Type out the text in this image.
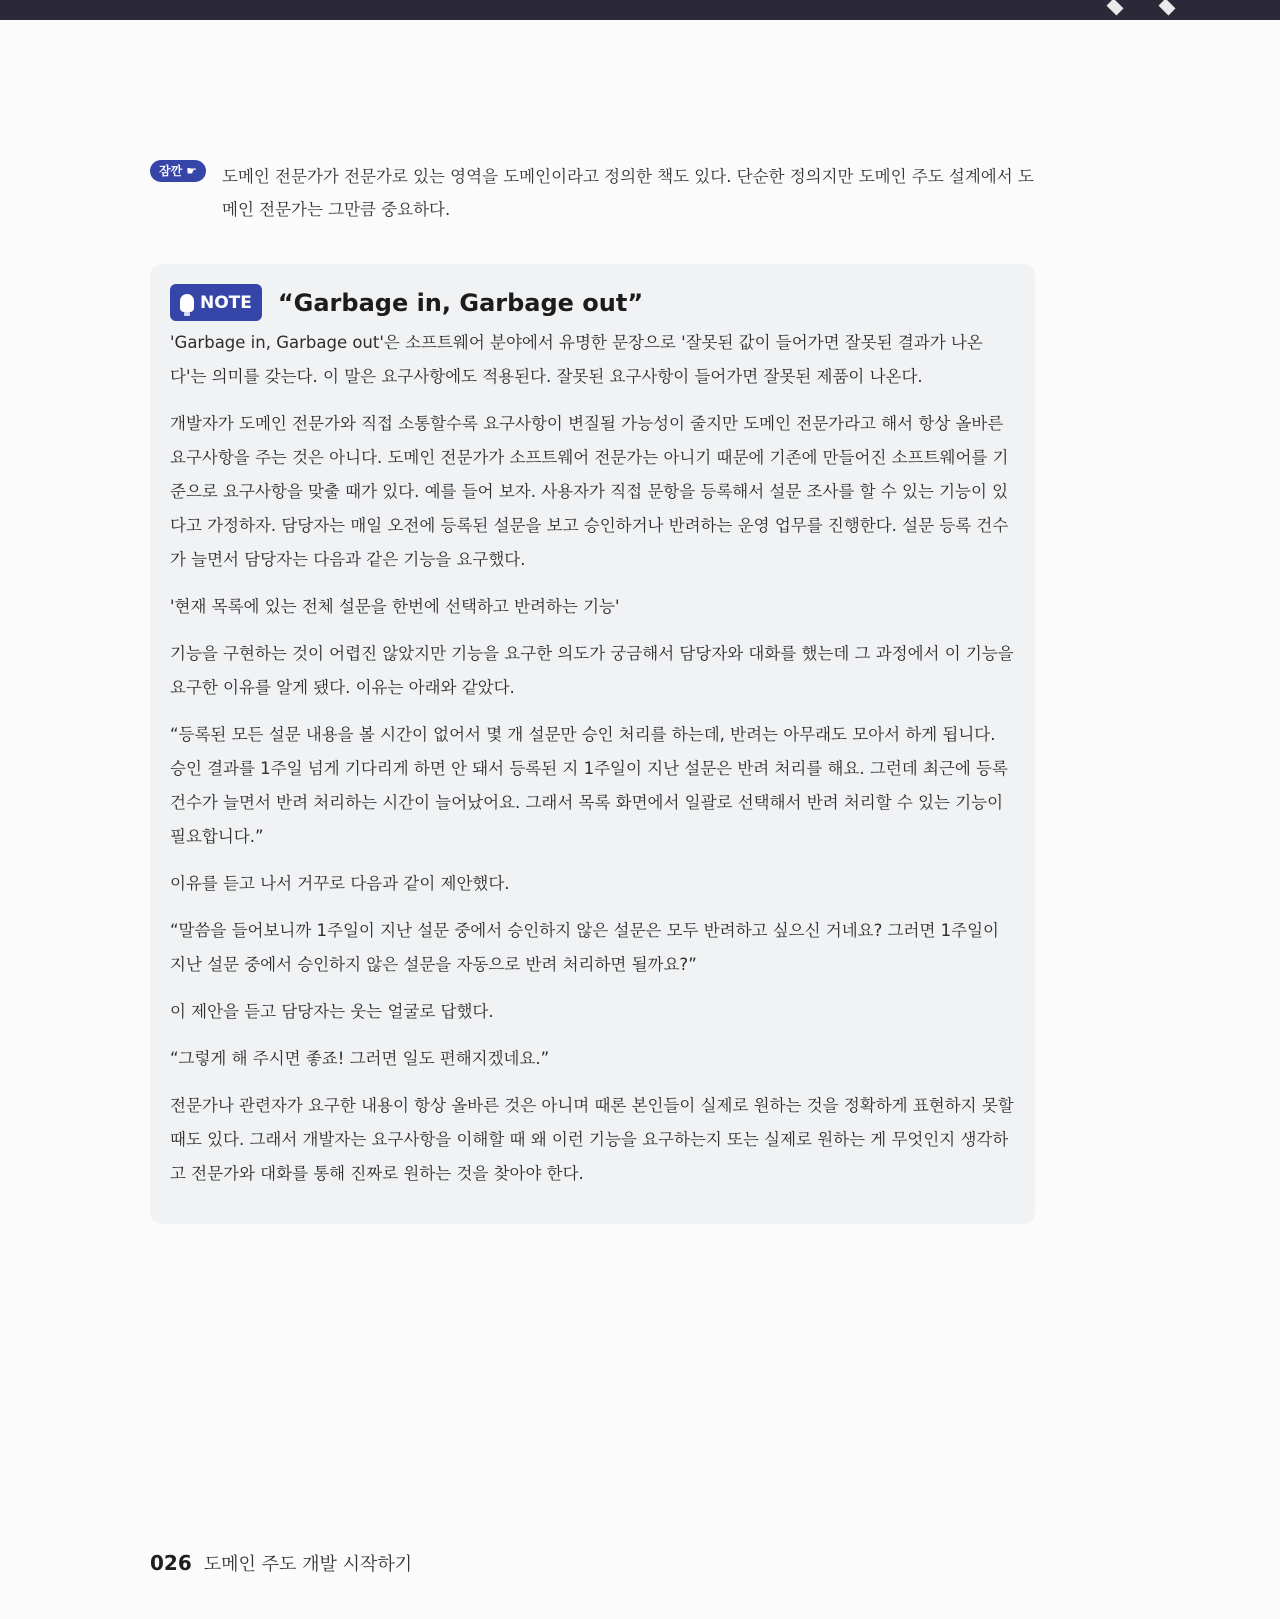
잠깐 ☛ 도메인 전문가가 전문가로 있는 영역을 도메인이라고 정의한 책도 있다. 단순한 정의지만 도메인 주도 설계에서 도메인 전문가는 그만큼 중요하다.
NOTE “Garbage in, Garbage out”

'Garbage in, Garbage out'은 소프트웨어 분야에서 유명한 문장으로 '잘못된 값이 들어가면 잘못된 결과가 나온다'는 의미를 갖는다. 이 말은 요구사항에도 적용된다. 잘못된 요구사항이 들어가면 잘못된 제품이 나온다.

개발자가 도메인 전문가와 직접 소통할수록 요구사항이 변질될 가능성이 줄지만 도메인 전문가라고 해서 항상 올바른 요구사항을 주는 것은 아니다. 도메인 전문가가 소프트웨어 전문가는 아니기 때문에 기존에 만들어진 소프트웨어를 기준으로 요구사항을 맞출 때가 있다. 예를 들어 보자. 사용자가 직접 문항을 등록해서 설문 조사를 할 수 있는 기능이 있다고 가정하자. 담당자는 매일 오전에 등록된 설문을 보고 승인하거나 반려하는 운영 업무를 진행한다. 설문 등록 건수가 늘면서 담당자는 다음과 같은 기능을 요구했다.

'현재 목록에 있는 전체 설문을 한번에 선택하고 반려하는 기능'

기능을 구현하는 것이 어렵진 않았지만 기능을 요구한 의도가 궁금해서 담당자와 대화를 했는데 그 과정에서 이 기능을 요구한 이유를 알게 됐다. 이유는 아래와 같았다.

“등록된 모든 설문 내용을 볼 시간이 없어서 몇 개 설문만 승인 처리를 하는데, 반려는 아무래도 모아서 하게 됩니다. 승인 결과를 1주일 넘게 기다리게 하면 안 돼서 등록된 지 1주일이 지난 설문은 반려 처리를 해요. 그런데 최근에 등록 건수가 늘면서 반려 처리하는 시간이 늘어났어요. 그래서 목록 화면에서 일괄로 선택해서 반려 처리할 수 있는 기능이 필요합니다.”

이유를 듣고 나서 거꾸로 다음과 같이 제안했다.

“말씀을 들어보니까 1주일이 지난 설문 중에서 승인하지 않은 설문은 모두 반려하고 싶으신 거네요? 그러면 1주일이 지난 설문 중에서 승인하지 않은 설문을 자동으로 반려 처리하면 될까요?”

이 제안을 듣고 담당자는 웃는 얼굴로 답했다.

“그렇게 해 주시면 좋죠! 그러면 일도 편해지겠네요.”

전문가나 관련자가 요구한 내용이 항상 올바른 것은 아니며 때론 본인들이 실제로 원하는 것을 정확하게 표현하지 못할 때도 있다. 그래서 개발자는 요구사항을 이해할 때 왜 이런 기능을 요구하는지 또는 실제로 원하는 게 무엇인지 생각하고 전문가와 대화를 통해 진짜로 원하는 것을 찾아야 한다.

026 도메인 주도 개발 시작하기
